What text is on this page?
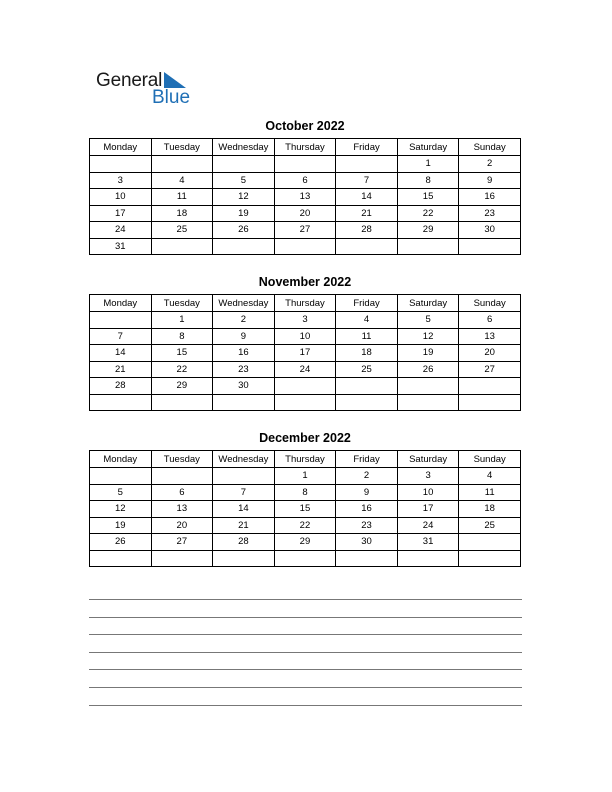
General
Blue
October 2022
Monday	Tuesday	Wednesday	Thursday	Friday	Saturday	Sunday
					1	2
3	4	5	6	7	8	9
10	11	12	13	14	15	16
17	18	19	20	21	22	23
24	25	26	27	28	29	30
31						
November 2022
Monday	Tuesday	Wednesday	Thursday	Friday	Saturday	Sunday
	1	2	3	4	5	6
7	8	9	10	11	12	13
14	15	16	17	18	19	20
21	22	23	24	25	26	27
28	29	30				

December 2022
Monday	Tuesday	Wednesday	Thursday	Friday	Saturday	Sunday
			1	2	3	4
5	6	7	8	9	10	11
12	13	14	15	16	17	18
19	20	21	22	23	24	25
26	27	28	29	30	31	
